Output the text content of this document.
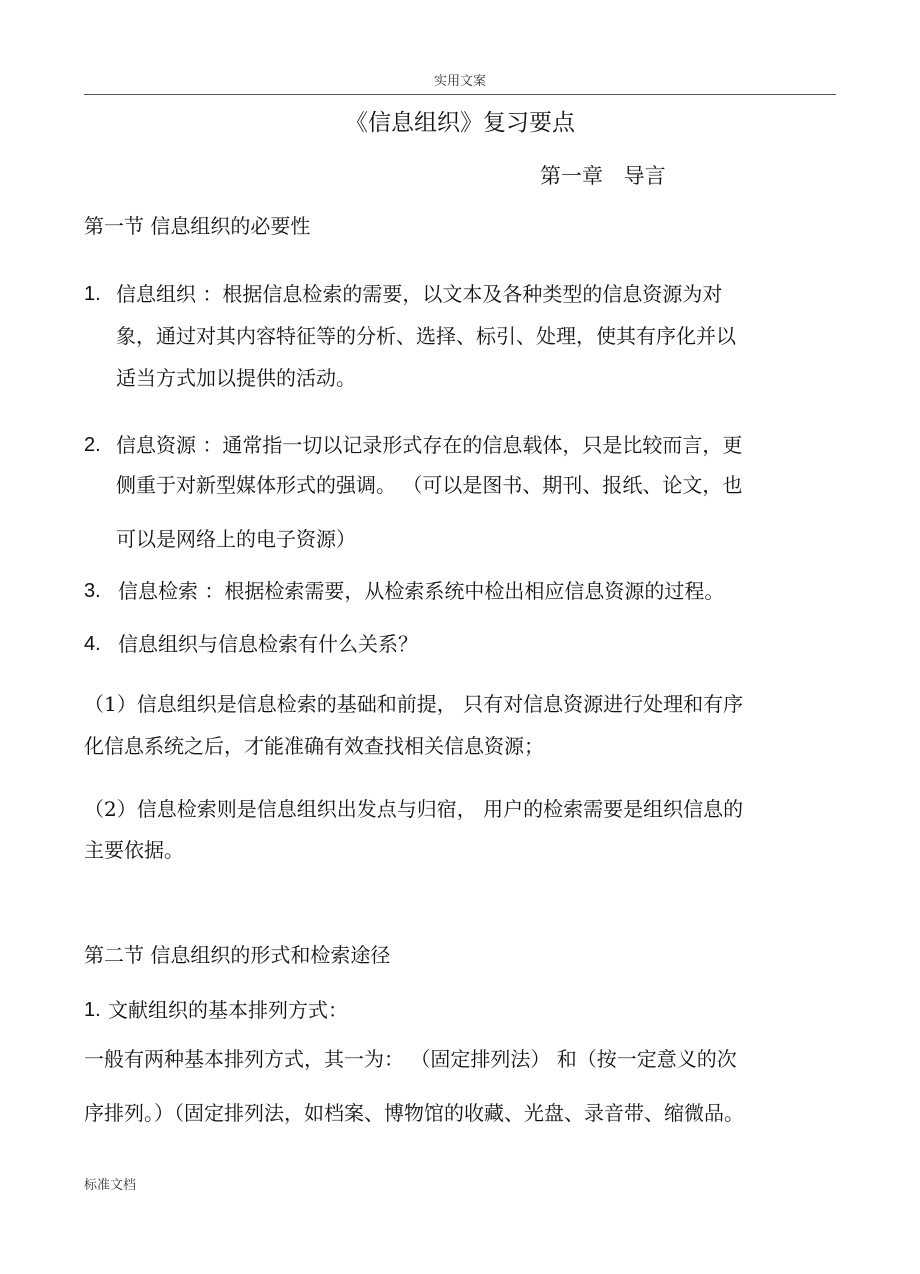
实用文案
《信息组织》复习要点
第一章 导言
第一节 信息组织的必要性
1. 信息组织 ：根据信息检索的需要，以文本及各种类型的信息资源为对
象，通过对其内容特征等的分析、选择、标引、处理，使其有序化并以
适当方式加以提供的活动。
2. 信息资源 ：通常指一切以记录形式存在的信息载体，只是比较而言，更
侧重于对新型媒体形式的强调。 （可以是图书、期刊、报纸、论文，也
可以是网络上的电子资源）
3. 信息检索 ：根据检索需要，从检索系统中检出相应信息资源的过程。
4. 信息组织与信息检索有什么关系？
（1）信息组织是信息检索的基础和前提， 只有对信息资源进行处理和有序
化信息系统之后，才能准确有效查找相关信息资源；
（2）信息检索则是信息组织出发点与归宿， 用户的检索需要是组织信息的
主要依据。
第二节 信息组织的形式和检索途径
1. 文献组织的基本排列方式：
一般有两种基本排列方式，其一为： （固定排列法） 和（按一定意义的次
序排列。）（固定排列法，如档案、博物馆的收藏、光盘、录音带、缩微品。
标准文档
